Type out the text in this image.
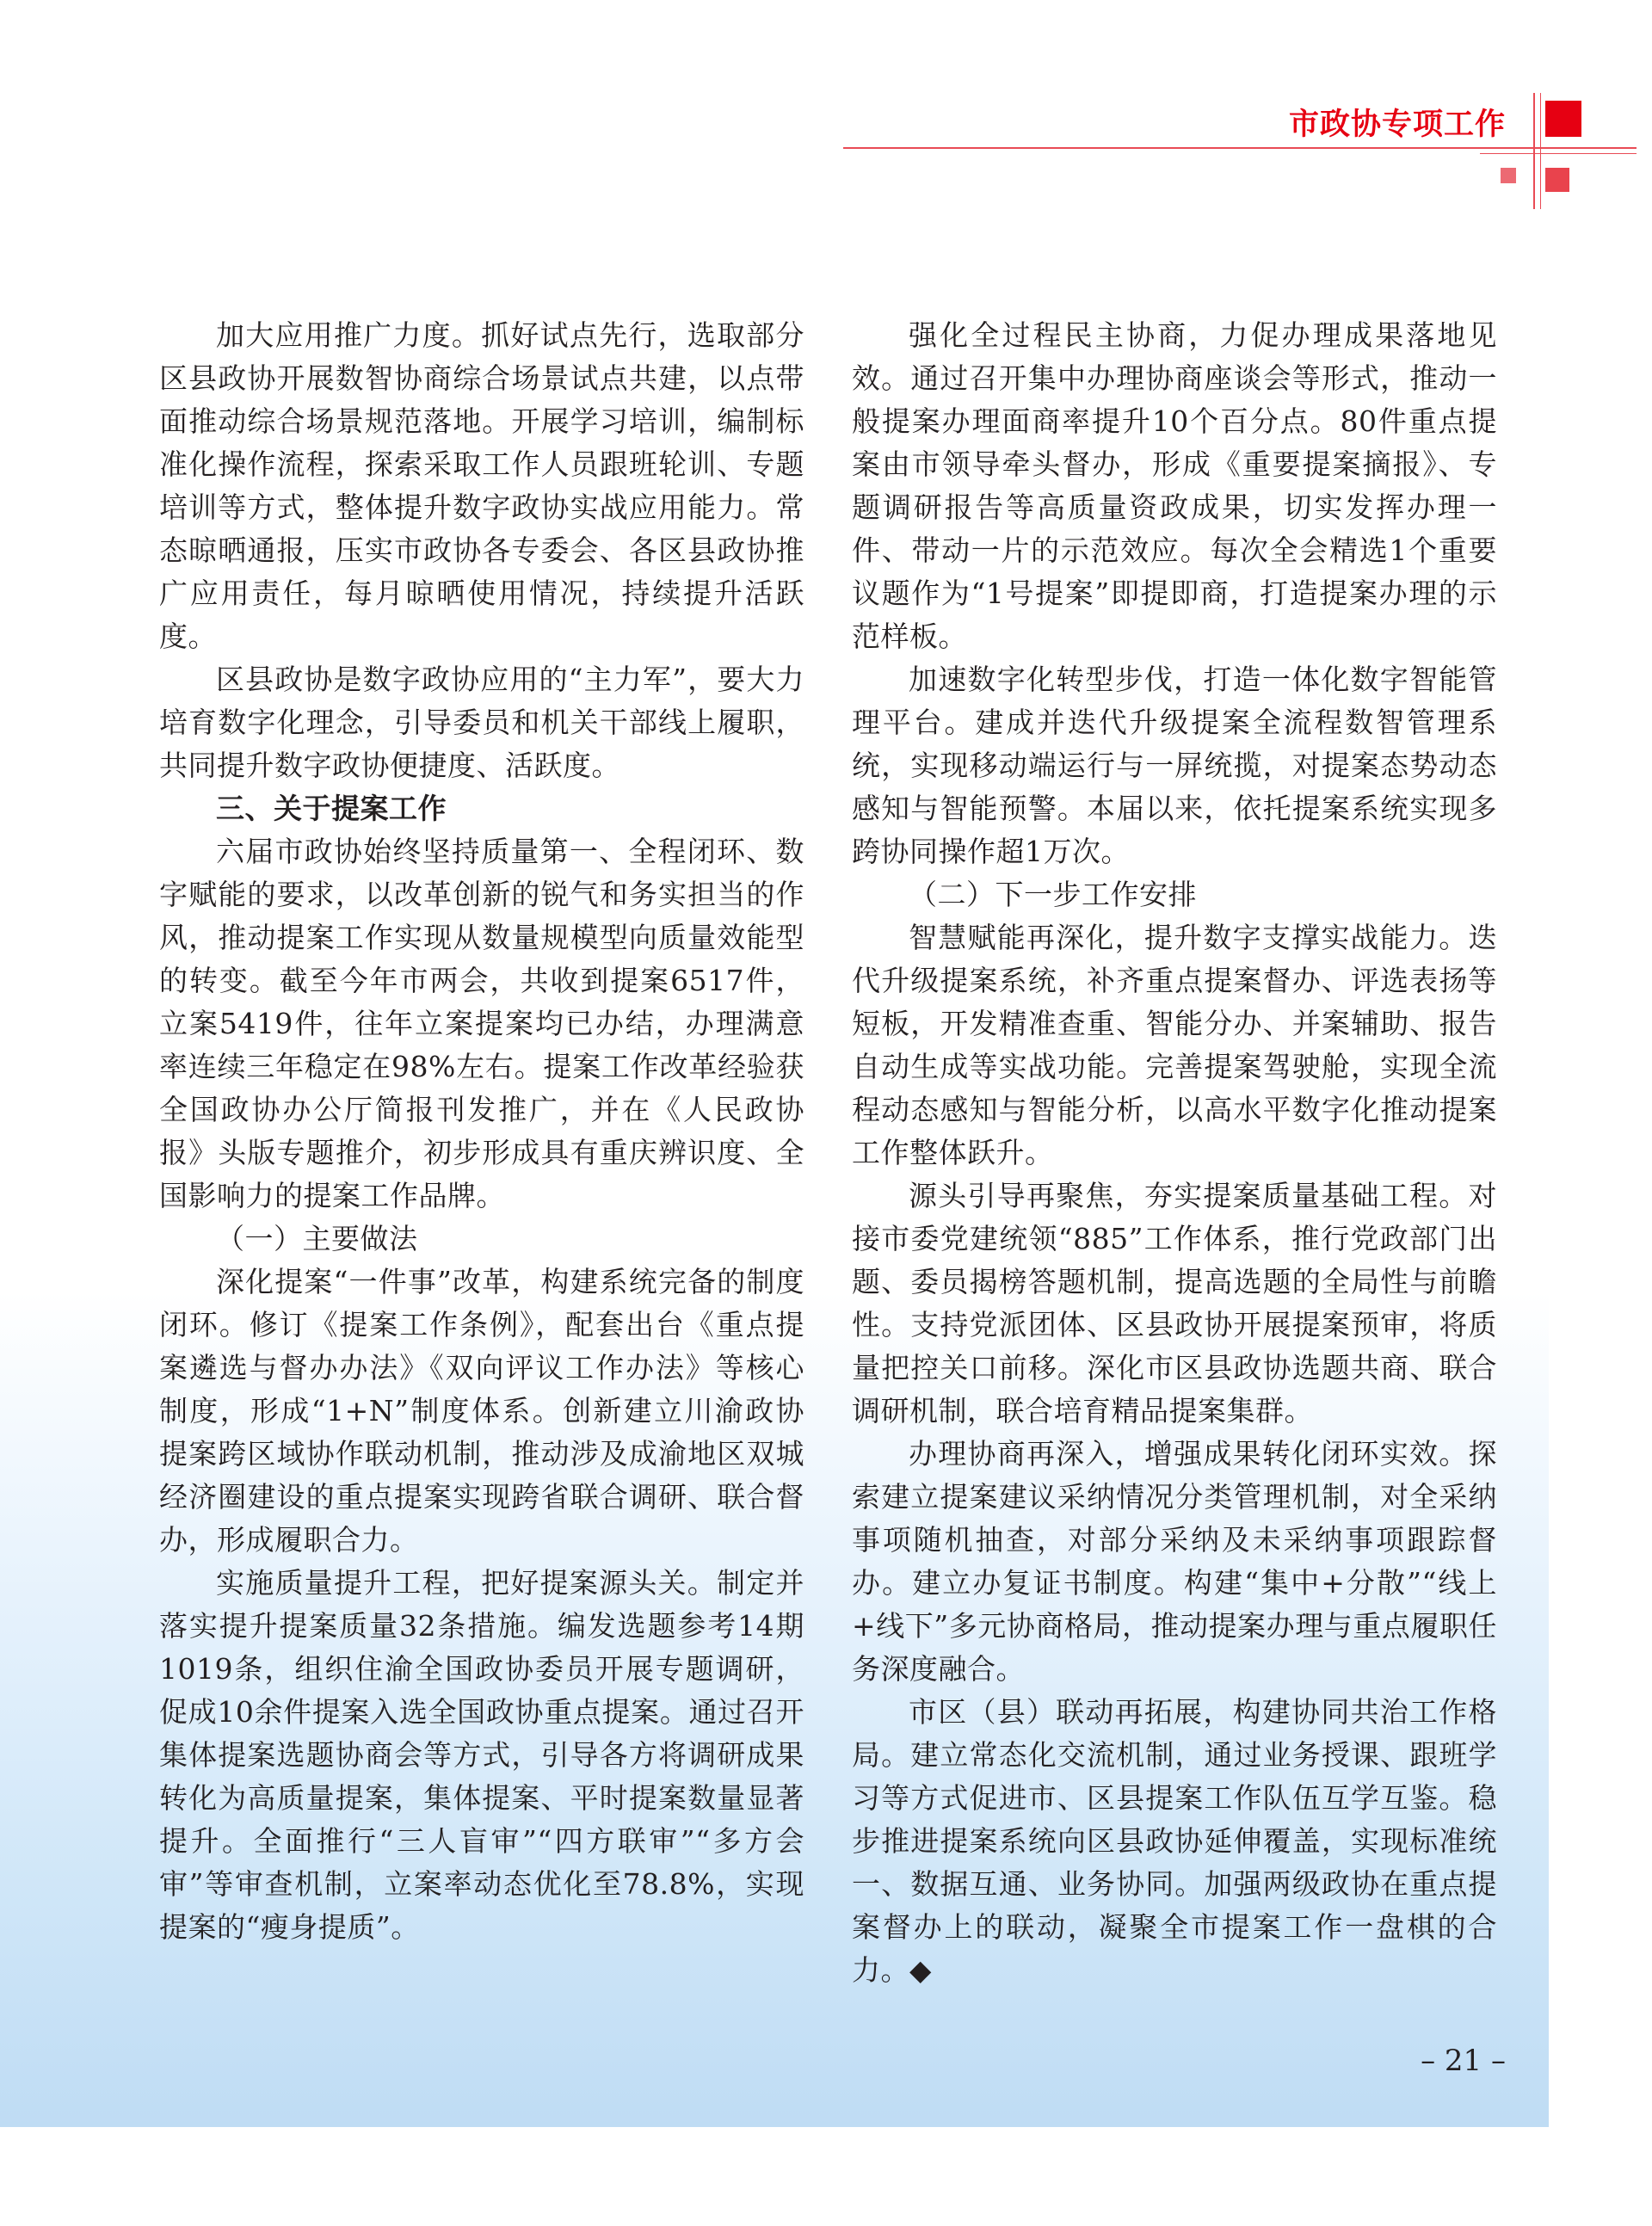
市政协专项工作

加大应用推广力度。抓好试点先行，选取部分区县政协开展数智协商综合场景试点共建，以点带面推动综合场景规范落地。开展学习培训，编制标准化操作流程，探索采取工作人员跟班轮训、专题培训等方式，整体提升数字政协实战应用能力。常态晾晒通报，压实市政协各专委会、各区县政协推广应用责任，每月晾晒使用情况，持续提升活跃度。

区县政协是数字政协应用的“主力军”，要大力培育数字化理念，引导委员和机关干部线上履职，共同提升数字政协便捷度、活跃度。

三、关于提案工作

六届市政协始终坚持质量第一、全程闭环、数字赋能的要求，以改革创新的锐气和务实担当的作风，推动提案工作实现从数量规模型向质量效能型的转变。截至今年市两会，共收到提案6517件，立案5419件，往年立案提案均已办结，办理满意率连续三年稳定在98%左右。提案工作改革经验获全国政协办公厅简报刊发推广，并在《人民政协报》头版专题推介，初步形成具有重庆辨识度、全国影响力的提案工作品牌。

（一）主要做法

深化提案“一件事”改革，构建系统完备的制度闭环。修订《提案工作条例》，配套出台《重点提案遴选与督办办法》《双向评议工作办法》等核心制度，形成“1+N”制度体系。创新建立川渝政协提案跨区域协作联动机制，推动涉及成渝地区双城经济圈建设的重点提案实现跨省联合调研、联合督办，形成履职合力。

实施质量提升工程，把好提案源头关。制定并落实提升提案质量32条措施。编发选题参考14期1019条，组织住渝全国政协委员开展专题调研，促成10余件提案入选全国政协重点提案。通过召开集体提案选题协商会等方式，引导各方将调研成果转化为高质量提案，集体提案、平时提案数量显著提升。全面推行“三人盲审”“四方联审”“多方会审”等审查机制，立案率动态优化至78.8%，实现提案的“瘦身提质”。

强化全过程民主协商，力促办理成果落地见效。通过召开集中办理协商座谈会等形式，推动一般提案办理面商率提升10个百分点。80件重点提案由市领导牵头督办，形成《重要提案摘报》、专题调研报告等高质量资政成果，切实发挥办理一件、带动一片的示范效应。每次全会精选1个重要议题作为“1号提案”即提即商，打造提案办理的示范样板。

加速数字化转型步伐，打造一体化数字智能管理平台。建成并迭代升级提案全流程数智管理系统，实现移动端运行与一屏统揽，对提案态势动态感知与智能预警。本届以来，依托提案系统实现多跨协同操作超1万次。

（二）下一步工作安排

智慧赋能再深化，提升数字支撑实战能力。迭代升级提案系统，补齐重点提案督办、评选表扬等短板，开发精准查重、智能分办、并案辅助、报告自动生成等实战功能。完善提案驾驶舱，实现全流程动态感知与智能分析，以高水平数字化推动提案工作整体跃升。

源头引导再聚焦，夯实提案质量基础工程。对接市委党建统领“885”工作体系，推行党政部门出题、委员揭榜答题机制，提高选题的全局性与前瞻性。支持党派团体、区县政协开展提案预审，将质量把控关口前移。深化市区县政协选题共商、联合调研机制，联合培育精品提案集群。

办理协商再深入，增强成果转化闭环实效。探索建立提案建议采纳情况分类管理机制，对全采纳事项随机抽查，对部分采纳及未采纳事项跟踪督办。建立办复证书制度。构建“集中+分散”“线上+线下”多元协商格局，推动提案办理与重点履职任务深度融合。

市区（县）联动再拓展，构建协同共治工作格局。建立常态化交流机制，通过业务授课、跟班学习等方式促进市、区县提案工作队伍互学互鉴。稳步推进提案系统向区县政协延伸覆盖，实现标准统一、数据互通、业务协同。加强两级政协在重点提案督办上的联动，凝聚全市提案工作一盘棋的合力。◆

– 21 –
